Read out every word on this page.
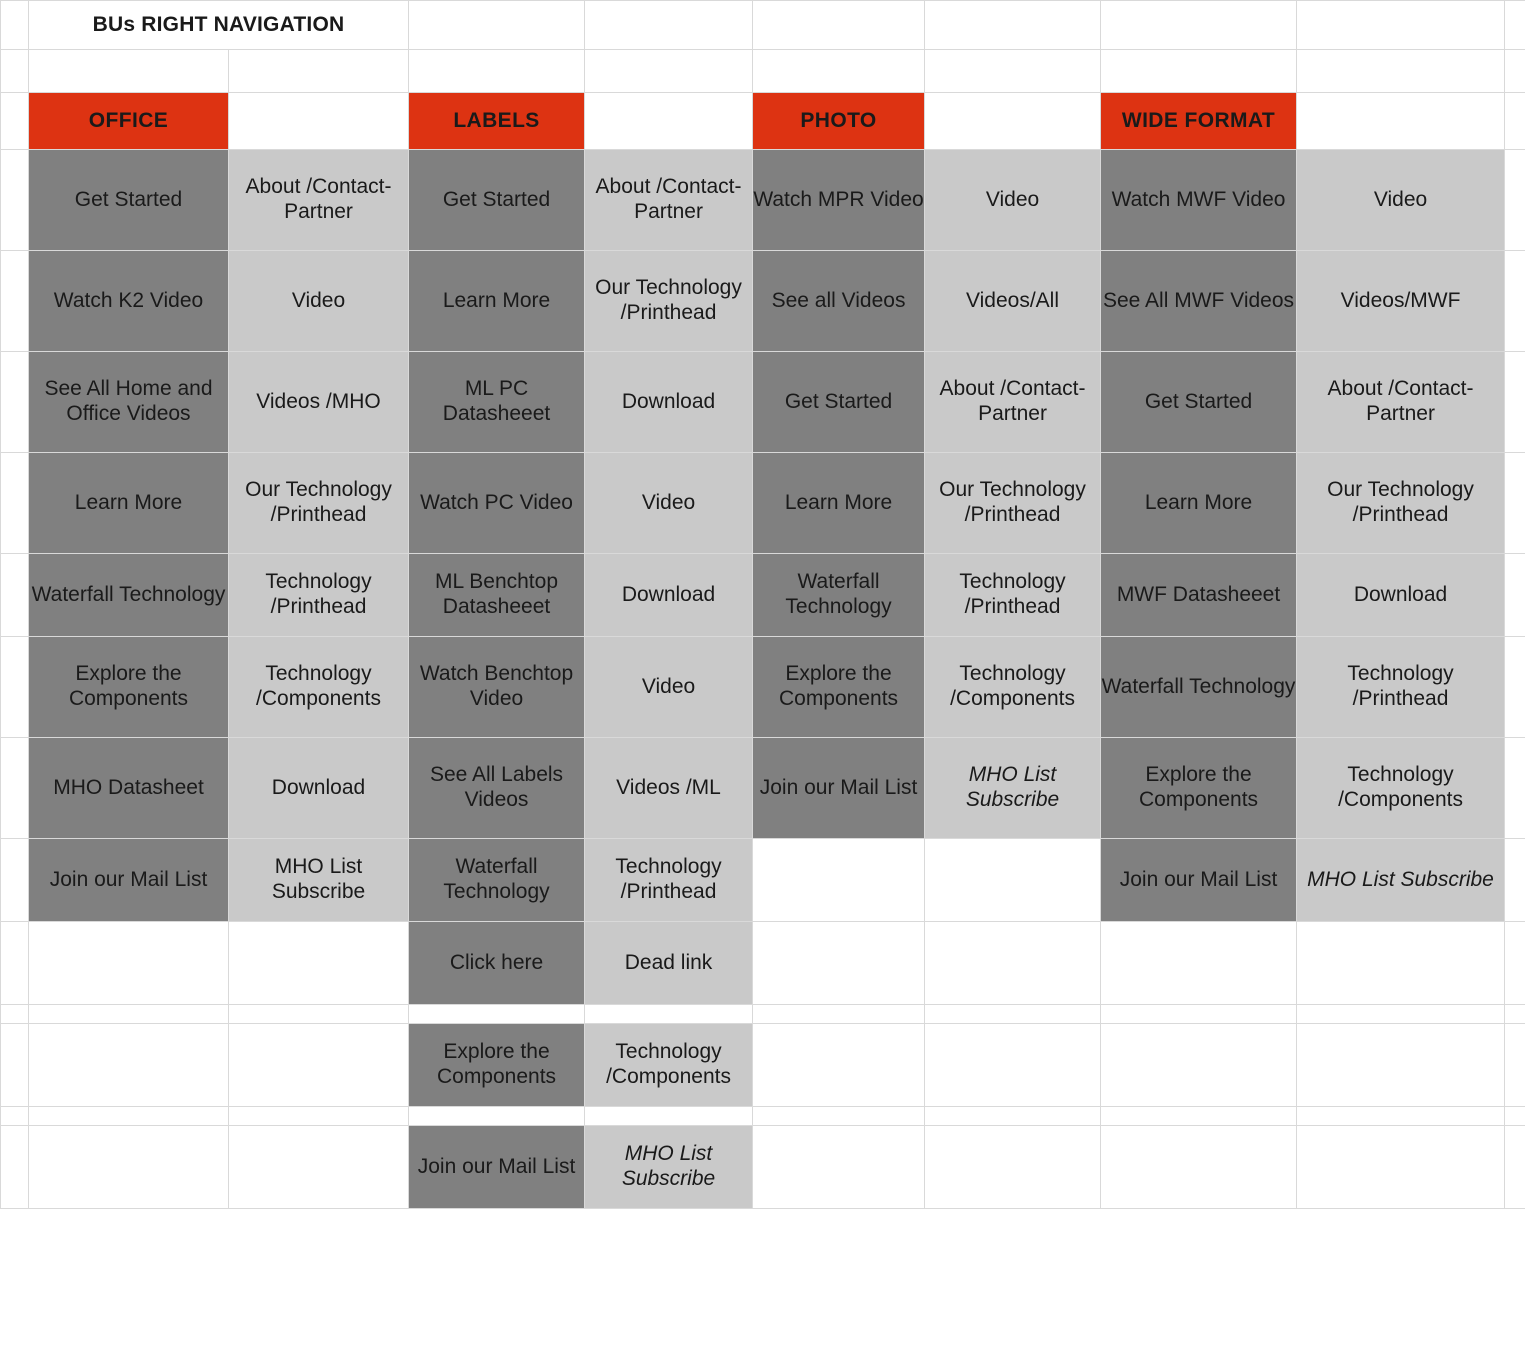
	BUs RIGHT NAVIGATION								

	OFFICE		LABELS		PHOTO		WIDE FORMAT		
	Get Started	About /Contact-Partner	Get Started	About /Contact-Partner	Watch MPR Video	Video	Watch MWF Video	Video	
	Watch K2 Video	Video	Learn More	Our Technology /Printhead	See all Videos	Videos/All	See All MWF Videos	Videos/MWF	
	See All Home and Office Videos	Videos /MHO	ML PC Datasheeet	Download	Get Started	About /Contact-Partner	Get Started	About /Contact-Partner	
	Learn More	Our Technology /Printhead	Watch PC Video	Video	Learn More	Our Technology /Printhead	Learn More	Our Technology /Printhead	
	Waterfall Technology	Technology /Printhead	ML Benchtop Datasheeet	Download	Waterfall Technology	Technology /Printhead	MWF Datasheeet	Download	
	Explore the Components	Technology /Components	Watch Benchtop Video	Video	Explore the Components	Technology /Components	Waterfall Technology	Technology /Printhead	
	MHO Datasheet	Download	See All Labels Videos	Videos /ML	Join our Mail List	MHO List Subscribe	Explore the Components	Technology /Components	
	Join our Mail List	MHO List Subscribe	Waterfall Technology	Technology /Printhead			Join our Mail List	MHO List Subscribe	
			Click here	Dead link					

			Explore the Components	Technology /Components					

			Join our Mail List	MHO List Subscribe					
